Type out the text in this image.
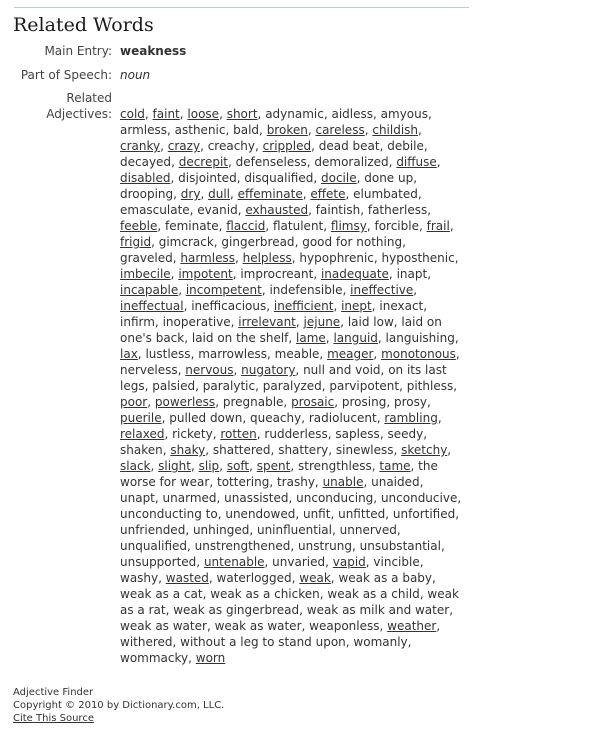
Related Words
Main Entry: weakness
Part of Speech: noun
Related
Adjectives: cold, faint, loose, short, adynamic, aidless, amyous, armless, asthenic, bald, broken, careless, childish, cranky, crazy, creachy, crippled, dead beat, debile, decayed, decrepit, defenseless, demoralized, diffuse, disabled, disjointed, disqualified, docile, done up, drooping, dry, dull, effeminate, effete, elumbated, emasculate, evanid, exhausted, faintish, fatherless, feeble, feminate, flaccid, flatulent, flimsy, forcible, frail, frigid, gimcrack, gingerbread, good for nothing, graveled, harmless, helpless, hypophrenic, hyposthenic, imbecile, impotent, improcreant, inadequate, inapt, incapable, incompetent, indefensible, ineffective, ineffectual, inefficacious, inefficient, inept, inexact, infirm, inoperative, irrelevant, jejune, laid low, laid on one's back, laid on the shelf, lame, languid, languishing, lax, lustless, marrowless, meable, meager, monotonous, nerveless, nervous, nugatory, null and void, on its last legs, palsied, paralytic, paralyzed, parvipotent, pithless, poor, powerless, pregnable, prosaic, prosing, prosy, puerile, pulled down, queachy, radiolucent, rambling, relaxed, rickety, rotten, rudderless, sapless, seedy, shaken, shaky, shattered, shattery, sinewless, sketchy, slack, slight, slip, soft, spent, strengthless, tame, the worse for wear, tottering, trashy, unable, unaided, unapt, unarmed, unassisted, unconducing, unconducive, unconducting to, unendowed, unfit, unfitted, unfortified, unfriended, unhinged, uninfluential, unnerved, unqualified, unstrengthened, unstrung, unsubstantial, unsupported, untenable, unvaried, vapid, vincible, washy, wasted, waterlogged, weak, weak as a baby, weak as a cat, weak as a chicken, weak as a child, weak as a rat, weak as gingerbread, weak as milk and water, weak as water, weak as water, weaponless, weather, withered, without a leg to stand upon, womanly, wommacky, worn
Adjective Finder
Copyright © 2010 by Dictionary.com, LLC.
Cite This Source
